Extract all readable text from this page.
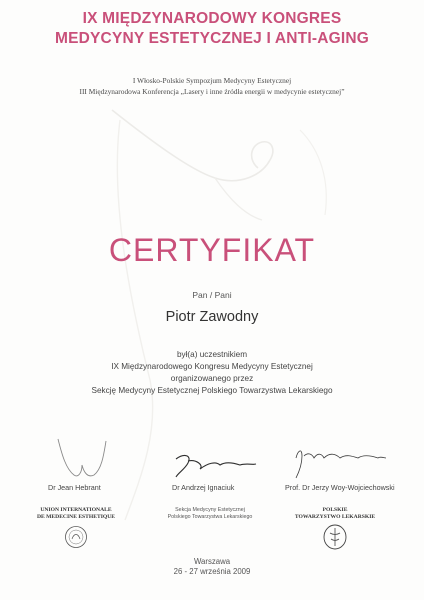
IX MIĘDZYNARODOWY KONGRES
MEDYCYNY ESTETYCZNEJ I ANTI-AGING
I Włosko-Polskie Sympozjum Medycyny Estetycznej
III Międzynarodowa Konferencja „Lasery i inne źródła energii w medycynie estetycznej”
CERTYFIKAT
Pan / Pani
Piotr Zawodny
był(a) uczestnikiem
IX Międzynarodowego Kongresu Medycyny Estetycznej
organizowanego przez
Sekcję Medycyny Estetycznej Polskiego Towarzystwa Lekarskiego
Dr Jean Hebrant	Dr Andrzej Ignaciuk	Prof. Dr Jerzy Woy-Wojciechowski
UNION INTERNATIONALE
DE MEDECINE ESTHETIQUE
Sekcja Medycyny Estetycznej
Polskiego Towarzystwa Lekarskiego
POLSKIE
TOWARZYSTWO LEKARSKIE
Warszawa
26 - 27 września 2009
